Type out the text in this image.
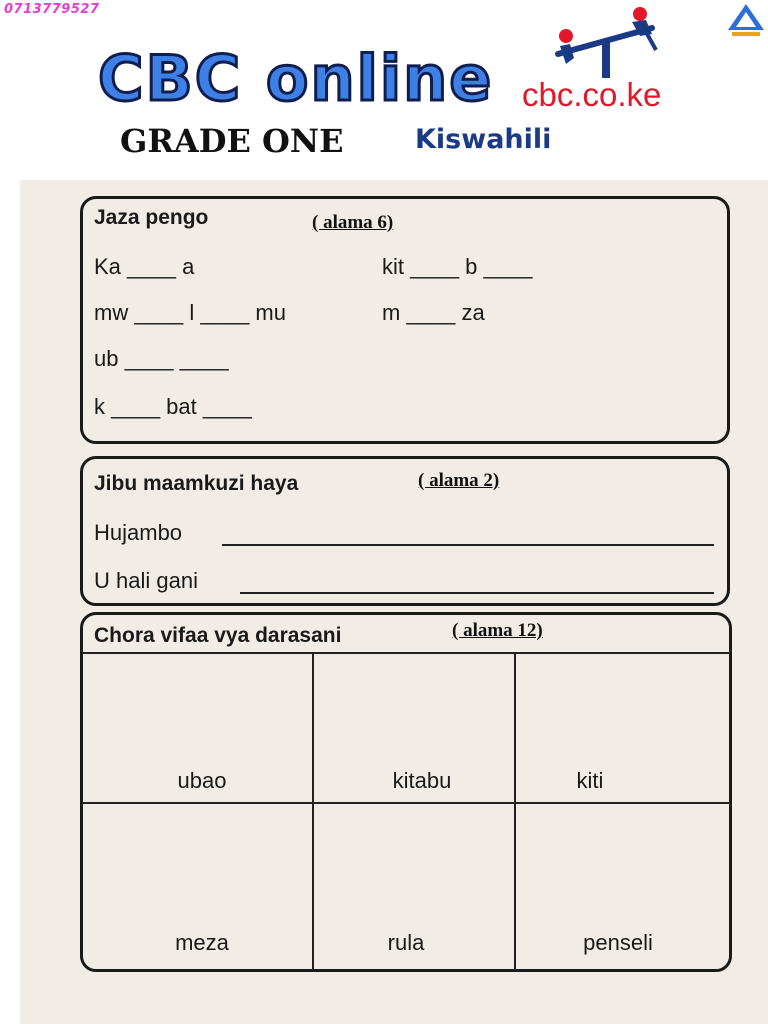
0713779527
CBC online cbc.co.ke
GRADE ONE	Kiswahili
Jaza pengo	( alama 6)
Ka ____ a	kit ____ b ____
mw ____ l ____ mu	m ____ za
ub ____ ____
k ____ bat ____
Jibu maamkuzi haya	( alama 2)
Hujambo
U hali gani
Chora vifaa vya darasani	( alama 12)
ubao	kitabu	kiti
meza	rula	penseli
